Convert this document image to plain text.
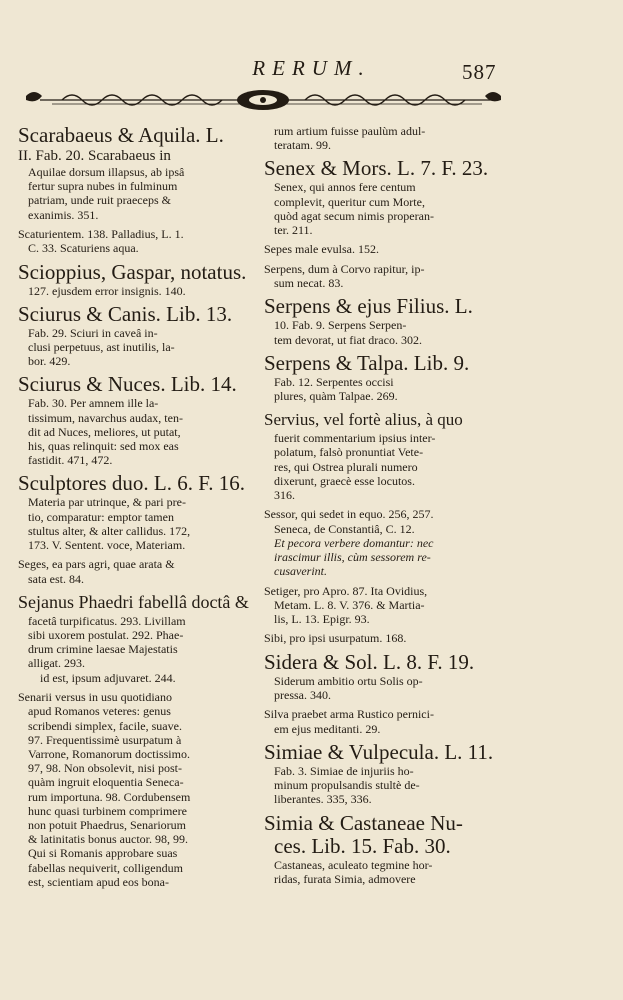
RERUM.	587

Scarabaeus & Aquila. L.

II. Fab. 20. Scarabaeus in

Aquilae dorsum illapsus, ab ipsâ

fertur supra nubes in fulminum

patriam, unde ruit praeceps &

exanimis. 351.

Scaturientem. 138. Palladius, L. 1.

C. 33. Scaturiens aqua.

Scioppius, Gaspar, notatus.

127. ejusdem error insignis. 140.

Sciurus & Canis. Lib. 13.

Fab. 29. Sciuri in caveâ in-

clusi perpetuus, ast inutilis, la-

bor. 429.

Sciurus & Nuces. Lib. 14.

Fab. 30. Per amnem ille la-

tissimum, navarchus audax, ten-

dit ad Nuces, meliores, ut putat,

his, quas relinquit: sed mox eas

fastidit. 471, 472.

Sculptores duo. L. 6. F. 16.

Materia par utrinque, & pari pre-

tio, comparatur: emptor tamen

stultus alter, & alter callidus. 172,

173. V. Sentent. voce, Materiam.

Seges, ea pars agri, quae arata &

sata est. 84.

Sejanus Phaedri fabellâ doctâ &

facetâ turpificatus. 293. Livillam

sibi uxorem postulat. 292. Phae-

drum crimine laesae Majestatis

alligat. 293.

id est, ipsum adjuvaret. 244.

Senarii versus in usu quotidiano

apud Romanos veteres: genus

scribendi simplex, facile, suave.

97. Frequentissimè usurpatum à

Varrone, Romanorum doctissimo.

97, 98. Non obsolevit, nisi post-

quàm ingruit eloquentia Seneca-

rum importuna. 98. Cordubensem

hunc quasi turbinem comprimere

non potuit Phaedrus, Senariorum

& latinitatis bonus auctor. 98, 99.

Qui si Romanis approbare suas

fabellas nequiverit, colligendum

est, scientiam apud eos bona-

rum artium fuisse paulùm adul-

teratam. 99.

Senex & Mors. L. 7. F. 23.

Senex, qui annos fere centum

complevit, queritur cum Morte,

quòd agat secum nimis properan-

ter. 211.

Sepes male evulsa. 152.

Serpens, dum à Corvo rapitur, ip-

sum necat. 83.

Serpens & ejus Filius. L.

10. Fab. 9. Serpens Serpen-

tem devorat, ut fiat draco. 302.

Serpens & Talpa. Lib. 9.

Fab. 12. Serpentes occisi

plures, quàm Talpae. 269.

Servius, vel fortè alius, à quo

fuerit commentarium ipsius inter-

polatum, falsò pronuntiat Vete-

res, qui Ostrea plurali numero

dixerunt, graecè esse locutos.

316.

Sessor, qui sedet in equo. 256, 257.

Seneca, de Constantiâ, C. 12.

Et pecora verbere domantur: nec

irascimur illis, cùm sessorem re-

cusaverint.

Setiger, pro Apro. 87. Ita Ovidius,

Metam. L. 8. V. 376. & Martia-

lis, L. 13. Epigr. 93.

Sibi, pro ipsi usurpatum. 168.

Sidera & Sol. L. 8. F. 19.

Siderum ambitio ortu Solis op-

pressa. 340.

Silva praebet arma Rustico pernici-

em ejus meditanti. 29.

Simiae & Vulpecula. L. 11.

Fab. 3. Simiae de injuriis ho-

minum propulsandis stultè de-

liberantes. 335, 336.

Simia & Castaneae Nu-

ces. Lib. 15. Fab. 30.

Castaneas, aculeato tegmine hor-

ridas, furata Simia, admovere
